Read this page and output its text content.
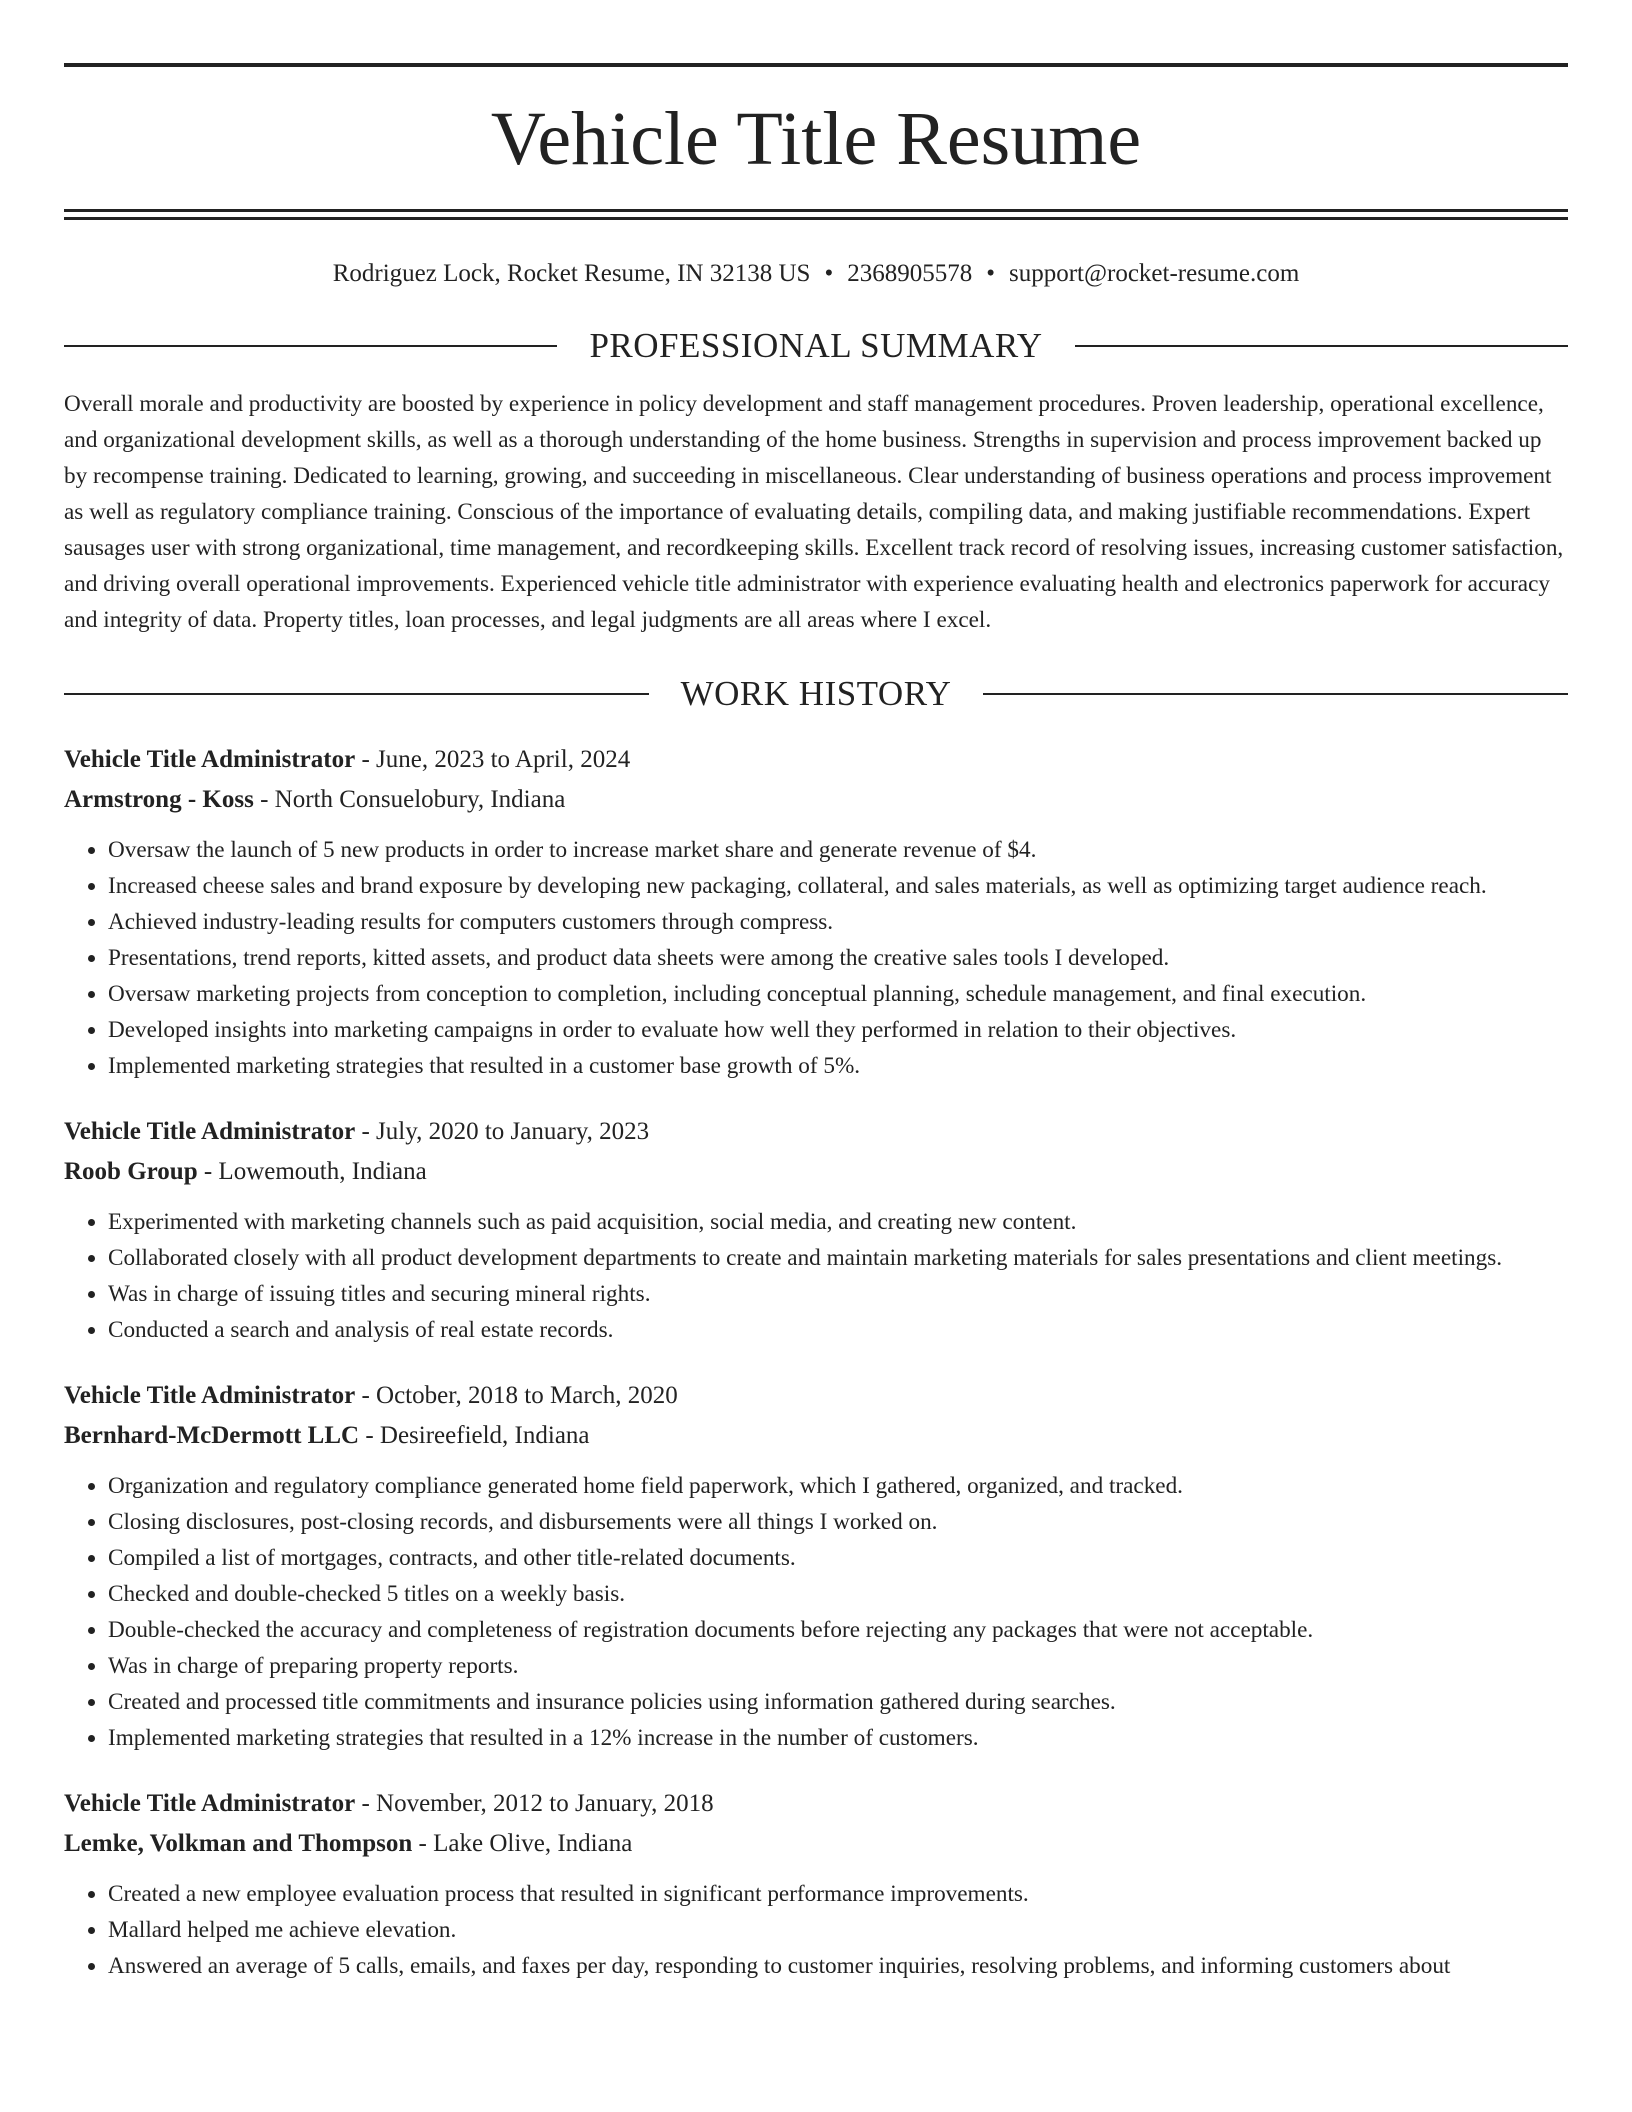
Vehicle Title Resume
Rodriguez Lock, Rocket Resume, IN 32138 US • 2368905578 • support@rocket-resume.com
PROFESSIONAL SUMMARY

Overall morale and productivity are boosted by experience in policy development and staff management procedures. Proven leadership, operational excellence, and organizational development skills, as well as a thorough understanding of the home business. Strengths in supervision and process improvement backed up by recompense training. Dedicated to learning, growing, and succeeding in miscellaneous. Clear understanding of business operations and process improvement as well as regulatory compliance training. Conscious of the importance of evaluating details, compiling data, and making justifiable recommendations. Expert sausages user with strong organizational, time management, and recordkeeping skills. Excellent track record of resolving issues, increasing customer satisfaction, and driving overall operational improvements. Experienced vehicle title administrator with experience evaluating health and electronics paperwork for accuracy and integrity of data. Property titles, loan processes, and legal judgments are all areas where I excel.

WORK HISTORY
Vehicle Title Administrator - June, 2023 to April, 2024
Armstrong - Koss - North Consuelobury, Indiana
• Oversaw the launch of 5 new products in order to increase market share and generate revenue of $4.
• Increased cheese sales and brand exposure by developing new packaging, collateral, and sales materials, as well as optimizing target audience reach.
• Achieved industry-leading results for computers customers through compress.
• Presentations, trend reports, kitted assets, and product data sheets were among the creative sales tools I developed.
• Oversaw marketing projects from conception to completion, including conceptual planning, schedule management, and final execution.
• Developed insights into marketing campaigns in order to evaluate how well they performed in relation to their objectives.
• Implemented marketing strategies that resulted in a customer base growth of 5%.
Vehicle Title Administrator - July, 2020 to January, 2023
Roob Group - Lowemouth, Indiana
• Experimented with marketing channels such as paid acquisition, social media, and creating new content.
• Collaborated closely with all product development departments to create and maintain marketing materials for sales presentations and client meetings.
• Was in charge of issuing titles and securing mineral rights.
• Conducted a search and analysis of real estate records.
Vehicle Title Administrator - October, 2018 to March, 2020
Bernhard-McDermott LLC - Desireefield, Indiana
• Organization and regulatory compliance generated home field paperwork, which I gathered, organized, and tracked.
• Closing disclosures, post-closing records, and disbursements were all things I worked on.
• Compiled a list of mortgages, contracts, and other title-related documents.
• Checked and double-checked 5 titles on a weekly basis.
• Double-checked the accuracy and completeness of registration documents before rejecting any packages that were not acceptable.
• Was in charge of preparing property reports.
• Created and processed title commitments and insurance policies using information gathered during searches.
• Implemented marketing strategies that resulted in a 12% increase in the number of customers.
Vehicle Title Administrator - November, 2012 to January, 2018
Lemke, Volkman and Thompson - Lake Olive, Indiana
• Created a new employee evaluation process that resulted in significant performance improvements.
• Mallard helped me achieve elevation.
• Answered an average of 5 calls, emails, and faxes per day, responding to customer inquiries, resolving problems, and informing customers about
